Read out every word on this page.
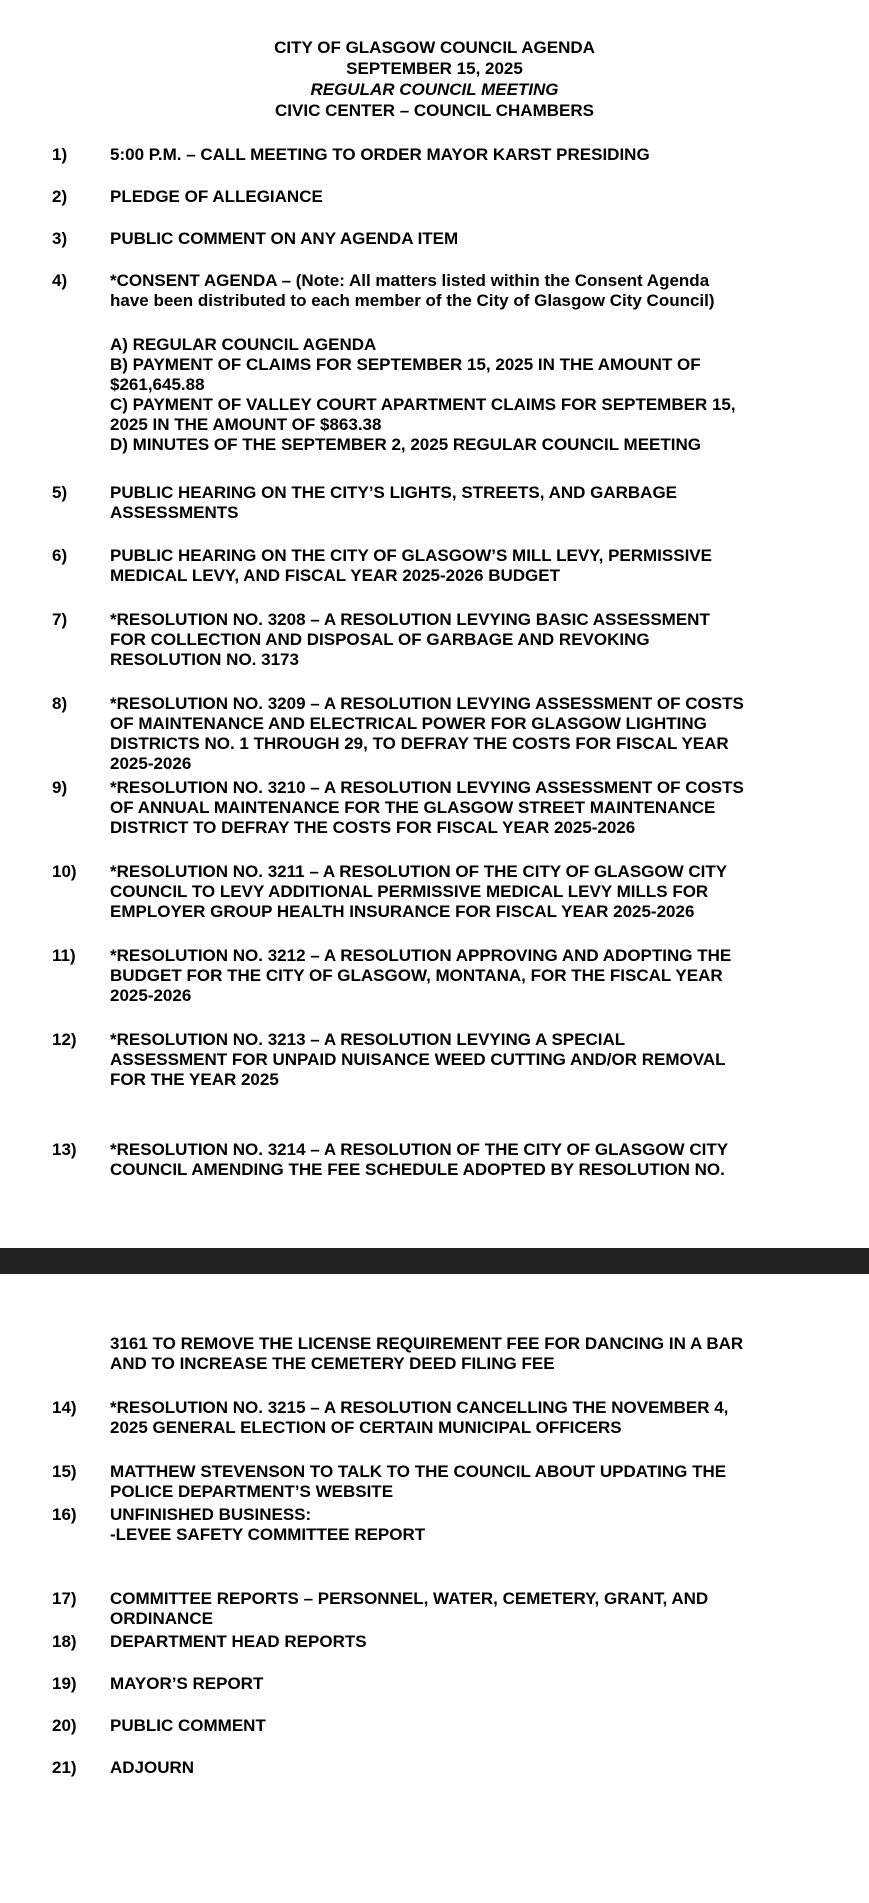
CITY OF GLASGOW COUNCIL AGENDA
SEPTEMBER 15, 2025
REGULAR COUNCIL MEETING
CIVIC CENTER – COUNCIL CHAMBERS
1)	5:00 P.M. – CALL MEETING TO ORDER MAYOR KARST PRESIDING
2)	PLEDGE OF ALLEGIANCE
3)	PUBLIC COMMENT ON ANY AGENDA ITEM
4)	*CONSENT AGENDA – (Note: All matters listed within the Consent Agenda
have been distributed to each member of the City of Glasgow City Council)
A) REGULAR COUNCIL AGENDA
B) PAYMENT OF CLAIMS FOR SEPTEMBER 15, 2025 IN THE AMOUNT OF
$261,645.88
C) PAYMENT OF VALLEY COURT APARTMENT CLAIMS FOR SEPTEMBER 15,
2025 IN THE AMOUNT OF $863.38
D) MINUTES OF THE SEPTEMBER 2, 2025 REGULAR COUNCIL MEETING
5)	PUBLIC HEARING ON THE CITY’S LIGHTS, STREETS, AND GARBAGE
ASSESSMENTS
6)	PUBLIC HEARING ON THE CITY OF GLASGOW’S MILL LEVY, PERMISSIVE
MEDICAL LEVY, AND FISCAL YEAR 2025-2026 BUDGET
7)	*RESOLUTION NO. 3208 – A RESOLUTION LEVYING BASIC ASSESSMENT
FOR COLLECTION AND DISPOSAL OF GARBAGE AND REVOKING
RESOLUTION NO. 3173
8)	*RESOLUTION NO. 3209 – A RESOLUTION LEVYING ASSESSMENT OF COSTS
OF MAINTENANCE AND ELECTRICAL POWER FOR GLASGOW LIGHTING
DISTRICTS NO. 1 THROUGH 29, TO DEFRAY THE COSTS FOR FISCAL YEAR
2025-2026
9)	*RESOLUTION NO. 3210 – A RESOLUTION LEVYING ASSESSMENT OF COSTS
OF ANNUAL MAINTENANCE FOR THE GLASGOW STREET MAINTENANCE
DISTRICT TO DEFRAY THE COSTS FOR FISCAL YEAR 2025-2026
10) *RESOLUTION NO. 3211 – A RESOLUTION OF THE CITY OF GLASGOW CITY
COUNCIL TO LEVY ADDITIONAL PERMISSIVE MEDICAL LEVY MILLS FOR
EMPLOYER GROUP HEALTH INSURANCE FOR FISCAL YEAR 2025-2026
11) *RESOLUTION NO. 3212 – A RESOLUTION APPROVING AND ADOPTING THE
BUDGET FOR THE CITY OF GLASGOW, MONTANA, FOR THE FISCAL YEAR
2025-2026
12) *RESOLUTION NO. 3213 – A RESOLUTION LEVYING A SPECIAL
ASSESSMENT FOR UNPAID NUISANCE WEED CUTTING AND/OR REMOVAL
FOR THE YEAR 2025
13) *RESOLUTION NO. 3214 – A RESOLUTION OF THE CITY OF GLASGOW CITY
COUNCIL AMENDING THE FEE SCHEDULE ADOPTED BY RESOLUTION NO.
3161 TO REMOVE THE LICENSE REQUIREMENT FEE FOR DANCING IN A BAR
AND TO INCREASE THE CEMETERY DEED FILING FEE
14) *RESOLUTION NO. 3215 – A RESOLUTION CANCELLING THE NOVEMBER 4,
2025 GENERAL ELECTION OF CERTAIN MUNICIPAL OFFICERS
15) MATTHEW STEVENSON TO TALK TO THE COUNCIL ABOUT UPDATING THE
POLICE DEPARTMENT’S WEBSITE
16) UNFINISHED BUSINESS:
-LEVEE SAFETY COMMITTEE REPORT
17) COMMITTEE REPORTS – PERSONNEL, WATER, CEMETERY, GRANT, AND
ORDINANCE
18) DEPARTMENT HEAD REPORTS
19) MAYOR’S REPORT
20) PUBLIC COMMENT
21) ADJOURN
